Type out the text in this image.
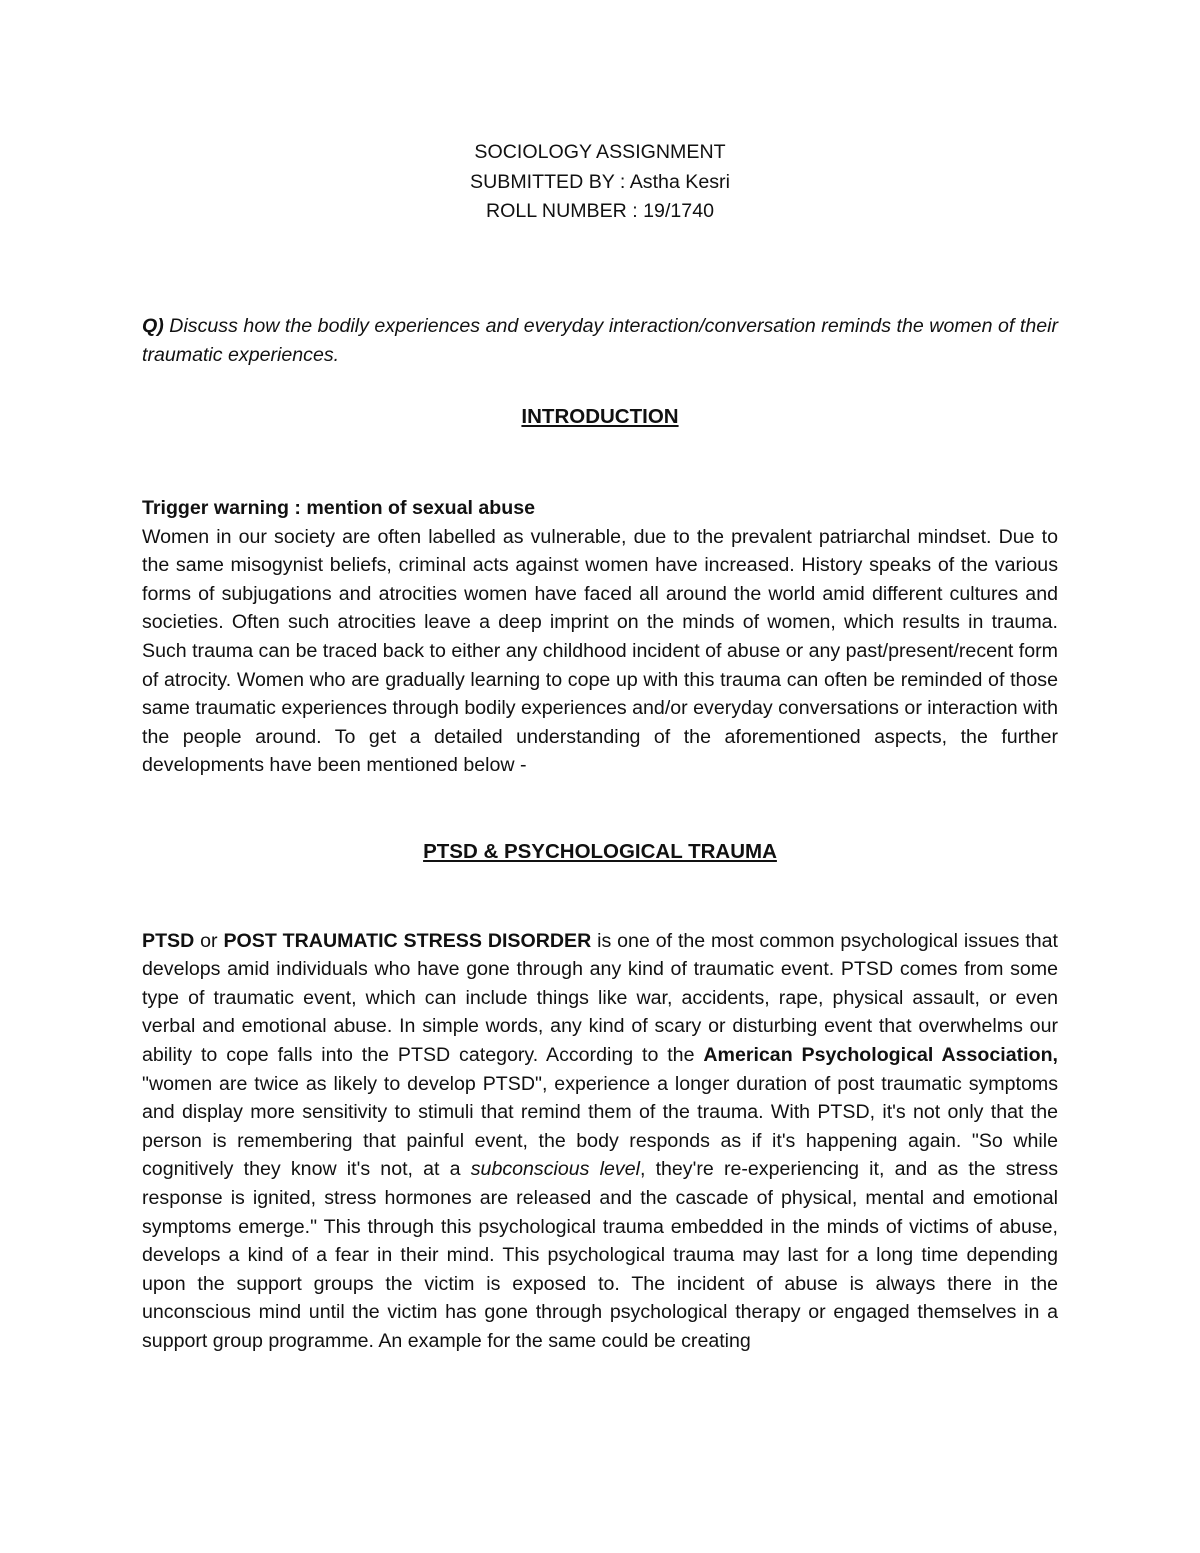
SOCIOLOGY ASSIGNMENT
SUBMITTED BY : Astha Kesri
ROLL NUMBER : 19/1740

Q) Discuss how the bodily experiences and everyday interaction/conversation reminds the women of their traumatic experiences.

INTRODUCTION
Trigger warning : mention of sexual abuse

Women in our society are often labelled as vulnerable, due to the prevalent patriarchal mindset. Due to the same misogynist beliefs, criminal acts against women have increased. History speaks of the various forms of subjugations and atrocities women have faced all around the world amid different cultures and societies. Often such atrocities leave a deep imprint on the minds of women, which results in trauma. Such trauma can be traced back to either any childhood incident of abuse or any past/present/recent form of atrocity. Women who are gradually learning to cope up with this trauma can often be reminded of those same traumatic experiences through bodily experiences and/or everyday conversations or interaction with the people around. To get a detailed understanding of the aforementioned aspects, the further developments have been mentioned below -

PTSD & PSYCHOLOGICAL TRAUMA

PTSD or POST TRAUMATIC STRESS DISORDER is one of the most common psychological issues that develops amid individuals who have gone through any kind of traumatic event. PTSD comes from some type of traumatic event, which can include things like war, accidents, rape, physical assault, or even verbal and emotional abuse. In simple words, any kind of scary or disturbing event that overwhelms our ability to cope falls into the PTSD category. According to the American Psychological Association, "women are twice as likely to develop PTSD", experience a longer duration of post traumatic symptoms and display more sensitivity to stimuli that remind them of the trauma. With PTSD, it's not only that the person is remembering that painful event, the body responds as if it's happening again. "So while cognitively they know it's not, at a subconscious level, they're re-experiencing it, and as the stress response is ignited, stress hormones are released and the cascade of physical, mental and emotional symptoms emerge." This through this psychological trauma embedded in the minds of victims of abuse, develops a kind of a fear in their mind. This psychological trauma may last for a long time depending upon the support groups the victim is exposed to. The incident of abuse is always there in the unconscious mind until the victim has gone through psychological therapy or engaged themselves in a support group programme. An example for the same could be creating
